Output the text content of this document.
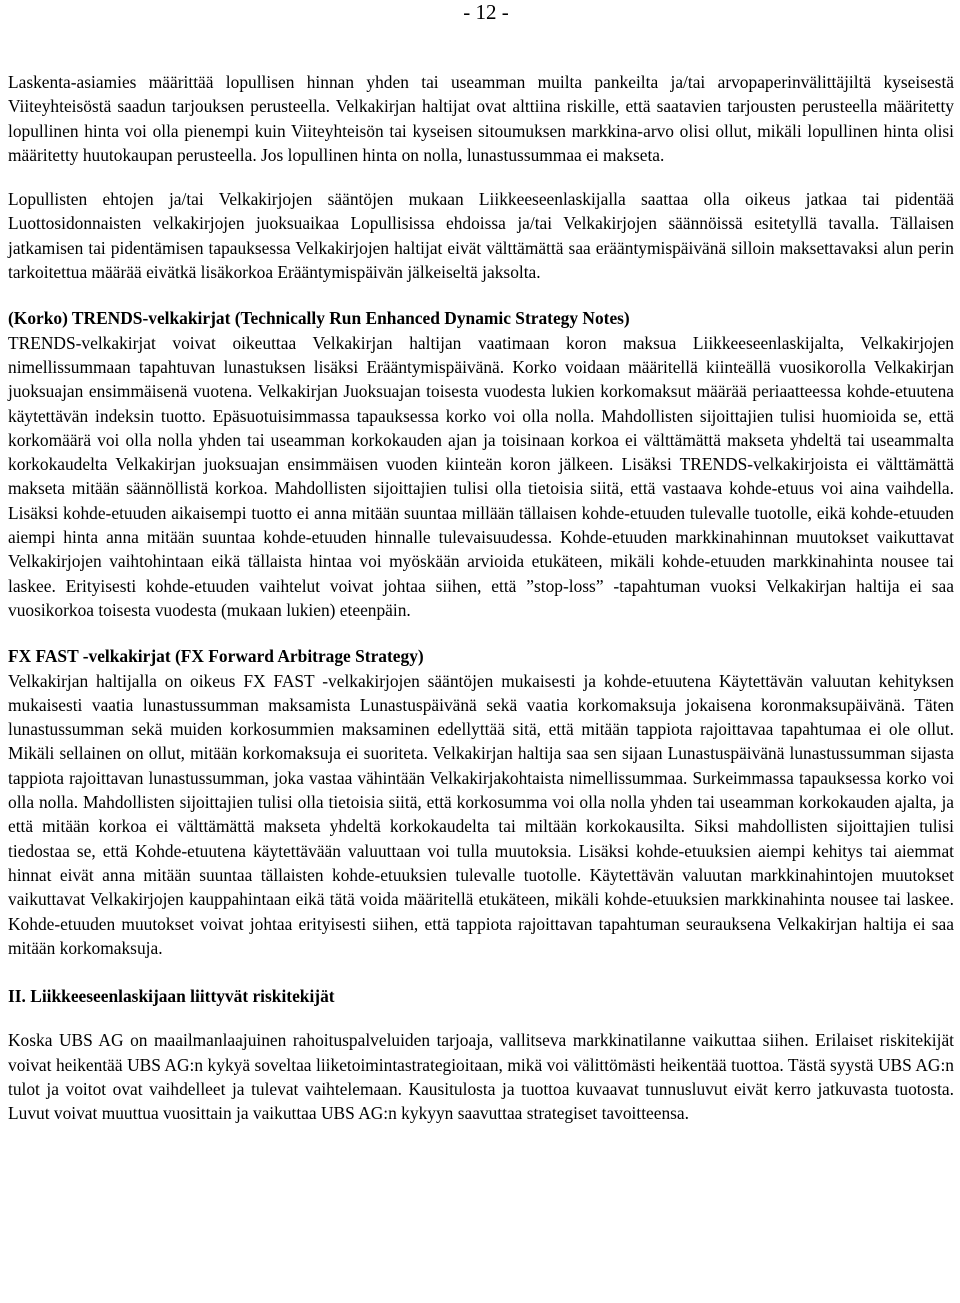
- 12 -

Laskenta-asiamies määrittää lopullisen hinnan yhden tai useamman muilta pankeilta ja/tai arvopaperinvälittäjiltä kyseisestä Viiteyhteisöstä saadun tarjouksen perusteella. Velkakirjan haltijat ovat alttiina riskille, että saatavien tarjousten perusteella määritetty lopullinen hinta voi olla pienempi kuin Viiteyhteisön tai kyseisen sitoumuksen markkina-arvo olisi ollut, mikäli lopullinen hinta olisi määritetty huutokaupan perusteella. Jos lopullinen hinta on nolla, lunastussummaa ei makseta.

Lopullisten ehtojen ja/tai Velkakirjojen sääntöjen mukaan Liikkeeseenlaskijalla saattaa olla oikeus jatkaa tai pidentää Luottosidonnaisten velkakirjojen juoksuaikaa Lopullisissa ehdoissa ja/tai Velkakirjojen säännöissä esitetyllä tavalla. Tällaisen jatkamisen tai pidentämisen tapauksessa Velkakirjojen haltijat eivät välttämättä saa erääntymispäivänä silloin maksettavaksi alun perin tarkoitettua määrää eivätkä lisäkorkoa Erääntymispäivän jälkeiseltä jaksolta.

(Korko) TRENDS-velkakirjat (Technically Run Enhanced Dynamic Strategy Notes)

TRENDS-velkakirjat voivat oikeuttaa Velkakirjan haltijan vaatimaan koron maksua Liikkeeseenlaskijalta, Velkakirjojen nimellissummaan tapahtuvan lunastuksen lisäksi Erääntymispäivänä. Korko voidaan määritellä kiinteällä vuosikorolla Velkakirjan juoksuajan ensimmäisenä vuotena. Velkakirjan Juoksuajan toisesta vuodesta lukien korkomaksut määrää periaatteessa kohde-etuutena käytettävän indeksin tuotto. Epäsuotuisimmassa tapauksessa korko voi olla nolla. Mahdollisten sijoittajien tulisi huomioida se, että korkomäärä voi olla nolla yhden tai useamman korkokauden ajan ja toisinaan korkoa ei välttämättä makseta yhdeltä tai useammalta korkokaudelta Velkakirjan juoksuajan ensimmäisen vuoden kiinteän koron jälkeen. Lisäksi TRENDS-velkakirjoista ei välttämättä makseta mitään säännöllistä korkoa. Mahdollisten sijoittajien tulisi olla tietoisia siitä, että vastaava kohde-etuus voi aina vaihdella. Lisäksi kohde-etuuden aikaisempi tuotto ei anna mitään suuntaa millään tällaisen kohde-etuuden tulevalle tuotolle, eikä kohde-etuuden aiempi hinta anna mitään suuntaa kohde-etuuden hinnalle tulevaisuudessa. Kohde-etuuden markkinahinnan muutokset vaikuttavat Velkakirjojen vaihtohintaan eikä tällaista hintaa voi myöskään arvioida etukäteen, mikäli kohde-etuuden markkinahinta nousee tai laskee. Erityisesti kohde-etuuden vaihtelut voivat johtaa siihen, että ”stop-loss” -tapahtuman vuoksi Velkakirjan haltija ei saa vuosikorkoa toisesta vuodesta (mukaan lukien) eteenpäin.

FX FAST -velkakirjat (FX Forward Arbitrage Strategy)

Velkakirjan haltijalla on oikeus FX FAST -velkakirjojen sääntöjen mukaisesti ja kohde-etuutena Käytettävän valuutan kehityksen mukaisesti vaatia lunastussumman maksamista Lunastuspäivänä sekä vaatia korkomaksuja jokaisena koronmaksupäivänä. Täten lunastussumman sekä muiden korkosummien maksaminen edellyttää sitä, että mitään tappiota rajoittavaa tapahtumaa ei ole ollut. Mikäli sellainen on ollut, mitään korkomaksuja ei suoriteta. Velkakirjan haltija saa sen sijaan Lunastuspäivänä lunastussumman sijasta tappiota rajoittavan lunastussumman, joka vastaa vähintään Velkakirjakohtaista nimellissummaa. Surkeimmassa tapauksessa korko voi olla nolla. Mahdollisten sijoittajien tulisi olla tietoisia siitä, että korkosumma voi olla nolla yhden tai useamman korkokauden ajalta, ja että mitään korkoa ei välttämättä makseta yhdeltä korkokaudelta tai miltään korkokausilta. Siksi mahdollisten sijoittajien tulisi tiedostaa se, että Kohde-etuutena käytettävään valuuttaan voi tulla muutoksia. Lisäksi kohde-etuuksien aiempi kehitys tai aiemmat hinnat eivät anna mitään suuntaa tällaisten kohde-etuuksien tulevalle tuotolle. Käytettävän valuutan markkinahintojen muutokset vaikuttavat Velkakirjojen kauppahintaan eikä tätä voida määritellä etukäteen, mikäli kohde-etuuksien markkinahinta nousee tai laskee. Kohde-etuuden muutokset voivat johtaa erityisesti siihen, että tappiota rajoittavan tapahtuman seurauksena Velkakirjan haltija ei saa mitään korkomaksuja.

II. Liikkeeseenlaskijaan liittyvät riskitekijät

Koska UBS AG on maailmanlaajuinen rahoituspalveluiden tarjoaja, vallitseva markkinatilanne vaikuttaa siihen. Erilaiset riskitekijät voivat heikentää UBS AG:n kykyä soveltaa liiketoimintastrategioitaan, mikä voi välittömästi heikentää tuottoa. Tästä syystä UBS AG:n tulot ja voitot ovat vaihdelleet ja tulevat vaihtelemaan. Kausitulosta ja tuottoa kuvaavat tunnusluvut eivät kerro jatkuvasta tuotosta. Luvut voivat muuttua vuosittain ja vaikuttaa UBS AG:n kykyyn saavuttaa strategiset tavoitteensa.
